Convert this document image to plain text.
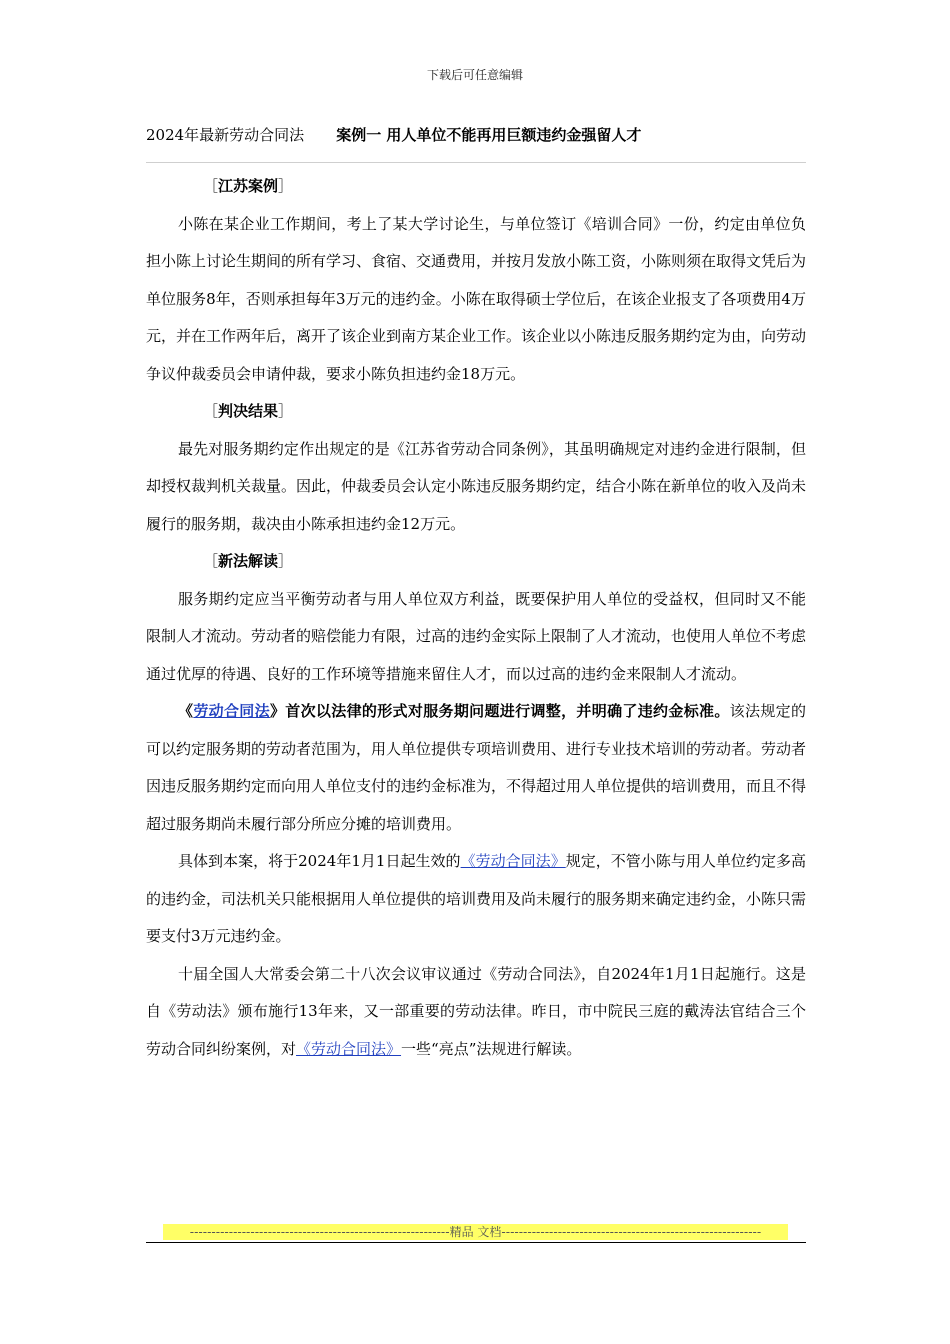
下载后可任意编辑
2024年最新劳动合同法 案例一 用人单位不能再用巨额违约金强留人才

［江苏案例］

小陈在某企业工作期间，考上了某大学讨论生，与单位签订《培训合同》一份，约定由单位负担小陈上讨论生期间的所有学习、食宿、交通费用，并按月发放小陈工资，小陈则须在取得文凭后为单位服务8年，否则承担每年3万元的违约金。小陈在取得硕士学位后，在该企业报支了各项费用4万元，并在工作两年后，离开了该企业到南方某企业工作。该企业以小陈违反服务期约定为由，向劳动争议仲裁委员会申请仲裁，要求小陈负担违约金18万元。

［判决结果］

最先对服务期约定作出规定的是《江苏省劳动合同条例》，其虽明确规定对违约金进行限制，但却授权裁判机关裁量。因此，仲裁委员会认定小陈违反服务期约定，结合小陈在新单位的收入及尚未履行的服务期，裁决由小陈承担违约金12万元。

［新法解读］

服务期约定应当平衡劳动者与用人单位双方利益，既要保护用人单位的受益权，但同时又不能限制人才流动。劳动者的赔偿能力有限，过高的违约金实际上限制了人才流动，也使用人单位不考虑通过优厚的待遇、良好的工作环境等措施来留住人才，而以过高的违约金来限制人才流动。

《劳动合同法》首次以法律的形式对服务期问题进行调整，并明确了违约金标准。该法规定的可以约定服务期的劳动者范围为，用人单位提供专项培训费用、进行专业技术培训的劳动者。劳动者因违反服务期约定而向用人单位支付的违约金标准为，不得超过用人单位提供的培训费用，而且不得超过服务期尚未履行部分所应分摊的培训费用。

具体到本案，将于2024年1月1日起生效的《劳动合同法》规定，不管小陈与用人单位约定多高的违约金，司法机关只能根据用人单位提供的培训费用及尚未履行的服务期来确定违约金，小陈只需要支付3万元违约金。

十届全国人大常委会第二十八次会议审议通过《劳动合同法》，自2024年1月1日起施行。这是自《劳动法》颁布施行13年来，又一部重要的劳动法律。昨日，市中院民三庭的戴涛法官结合三个劳动合同纠纷案例，对《劳动合同法》一些“亮点”法规进行解读。

------------------------------------------------------------精品 文档------------------------------------------------------------
